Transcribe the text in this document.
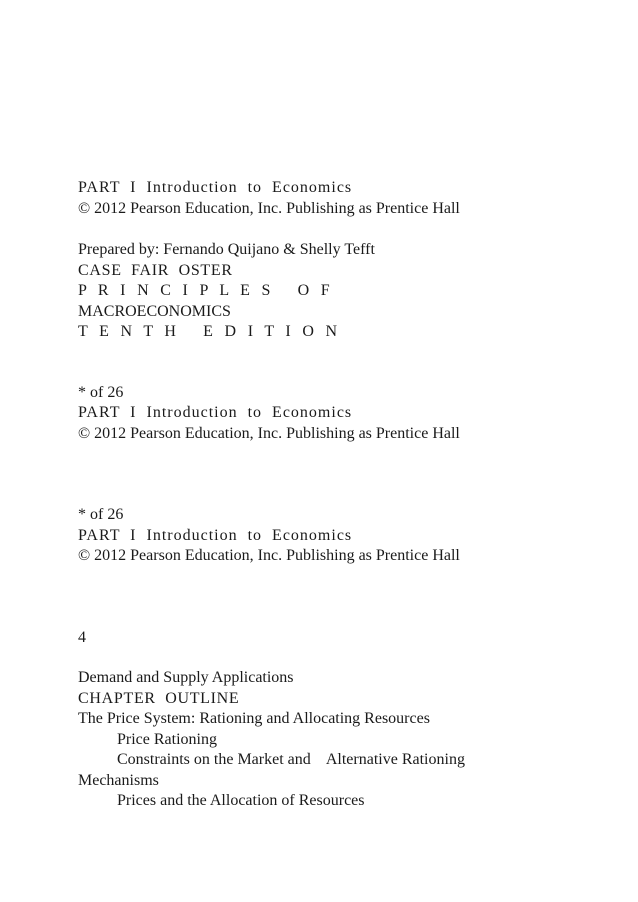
PART  I  Introduction  to  Economics
© 2012 Pearson Education, Inc. Publishing as Prentice Hall
Prepared by: Fernando Quijano & Shelly Tefft
CASE  FAIR  OSTER
P R I N C I P L E S   O F
MACROECONOMICS
T E N T H   E D I T I O N
* of 26
PART  I  Introduction  to  Economics
© 2012 Pearson Education, Inc. Publishing as Prentice Hall
* of 26
PART  I  Introduction  to  Economics
© 2012 Pearson Education, Inc. Publishing as Prentice Hall
4
Demand and Supply Applications
CHAPTER  OUTLINE
The Price System: Rationing and Allocating Resources
Price Rationing
Constraints on the Market and    Alternative Rationing
Mechanisms
Prices and the Allocation of Resources
